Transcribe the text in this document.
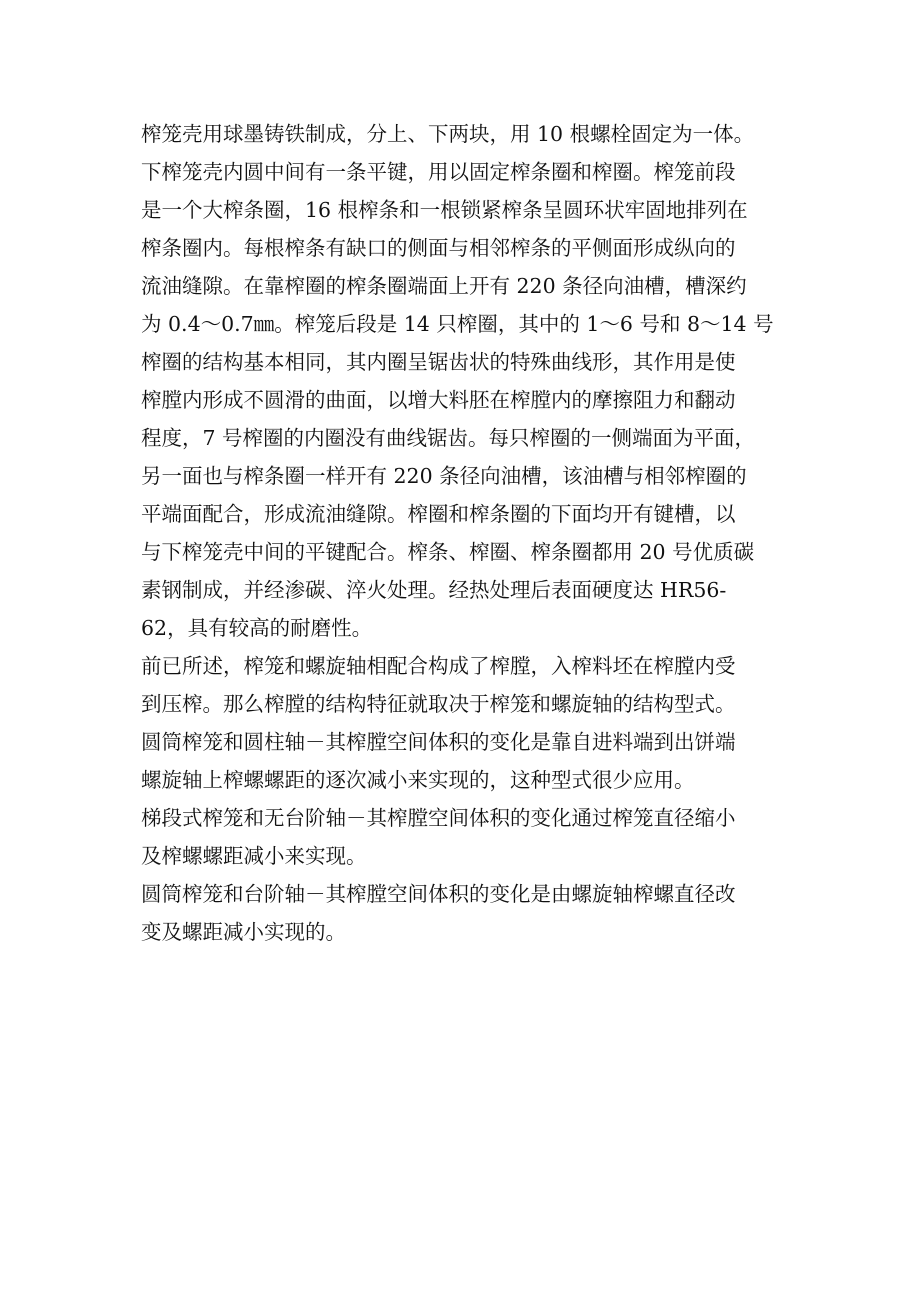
榨笼壳用球墨铸铁制成，分上、下两块，用 10 根螺栓固定为一体。
下榨笼壳内圆中间有一条平键，用以固定榨条圈和榨圈。榨笼前段
是一个大榨条圈，16 根榨条和一根锁紧榨条呈圆环状牢固地排列在
榨条圈内。每根榨条有缺口的侧面与相邻榨条的平侧面形成纵向的
流油缝隙。在靠榨圈的榨条圈端面上开有 220 条径向油槽，槽深约
为 0.4～0.7㎜。榨笼后段是 14 只榨圈，其中的 1～6 号和 8～14 号
榨圈的结构基本相同，其内圈呈锯齿状的特殊曲线形，其作用是使
榨膛内形成不圆滑的曲面，以增大料胚在榨膛内的摩擦阻力和翻动
程度，7 号榨圈的内圈没有曲线锯齿。每只榨圈的一侧端面为平面，
另一面也与榨条圈一样开有 220 条径向油槽，该油槽与相邻榨圈的
平端面配合，形成流油缝隙。榨圈和榨条圈的下面均开有键槽，以
与下榨笼壳中间的平键配合。榨条、榨圈、榨条圈都用 20 号优质碳
素钢制成，并经渗碳、淬火处理。经热处理后表面硬度达 HR56-
62，具有较高的耐磨性。
前已所述，榨笼和螺旋轴相配合构成了榨膛，入榨料坯在榨膛内受
到压榨。那么榨膛的结构特征就取决于榨笼和螺旋轴的结构型式。
圆筒榨笼和圆柱轴－其榨膛空间体积的变化是靠自进料端到出饼端
螺旋轴上榨螺螺距的逐次减小来实现的，这种型式很少应用。
梯段式榨笼和无台阶轴－其榨膛空间体积的变化通过榨笼直径缩小
及榨螺螺距减小来实现。
圆筒榨笼和台阶轴－其榨膛空间体积的变化是由螺旋轴榨螺直径改
变及螺距减小实现的。
